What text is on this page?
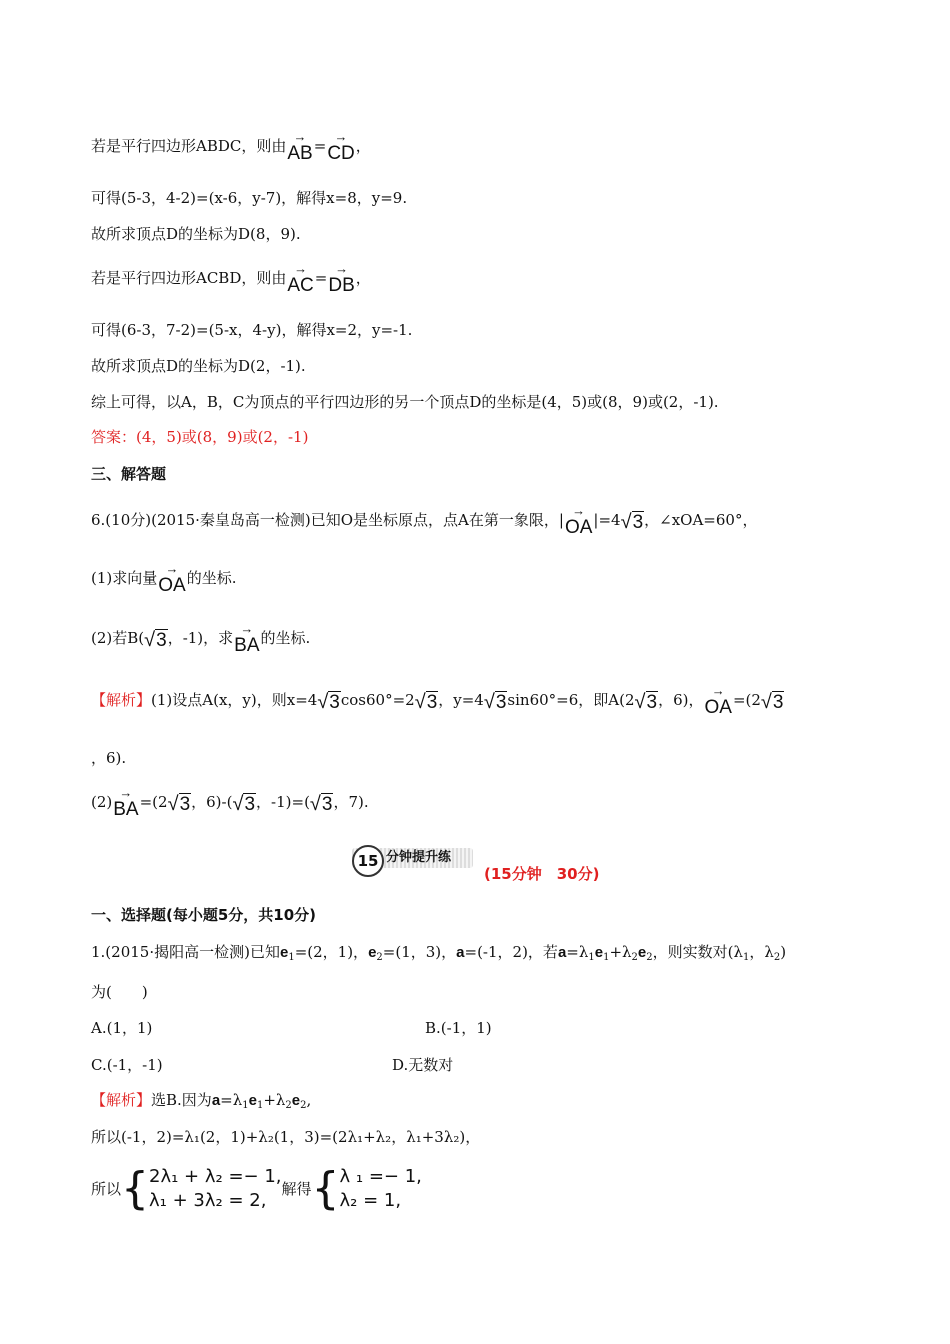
若是平行四边形ABDC，则由
→
AB=
→
CD，
可得(5-3，4-2)=(x-6，y-7)，解得x=8，y=9.
故所求顶点D的坐标为D(8，9).
若是平行四边形ACBD，则由
→
AC=
→
DB，
可得(6-3，7-2)=(5-x，4-y)，解得x=2，y=-1.
故所求顶点D的坐标为D(2，-1).
综上可得，以A，B，C为顶点的平行四边形的另一个顶点D的坐标是(4，5)或(8，9)或(2，-1).
答案：(4，5)或(8，9)或(2，-1)
三、解答题
6.(10分)(2015·秦皇岛高一检测)已知O是坐标原点，点A在第一象限，|
→
OA|=4√3，∠xOA=60°，
(1)求向量
→
OA的坐标.
(2)若B(√3，-1)，求
→
BA的坐标.
【解析】(1)设点A(x，y)，则x=4√3cos60°=2√3，y=4√3sin60°=6，即A(2√3，6)，
→
OA=(2√3
，6).
(2)
→
BA=(2√3，6)-(√3，-1)=(√3，7).
分钟提升练
15
(15分钟　30分)
一、选择题(每小题5分，共10分)
1.(2015·揭阳高一检测)已知$e_1=(2$，1)，$e_2=(1$，3)，a=(-1，2)，若$a=\lambda_1e_1+\lambda_2e_2$，则实数对($\lambda_1$，$\lambda_2$)
为(　　)
A.(1，1)	B.(-1，1)
C.(-1，-1)	D.无数对
【解析】选B.因为$a=\lambda_1e_1+\lambda_2e_2$,
所以(-1，2)=λ₁(2，1)+λ₂(1，3)=(2λ₁+λ₂，λ₁+3λ₂)，
所以{ 2λ₁ + λ₂ =− 1,
λ₁ + 3λ₂ = 2,
解得{ λ ₁ =− 1,
λ₂ = 1,
